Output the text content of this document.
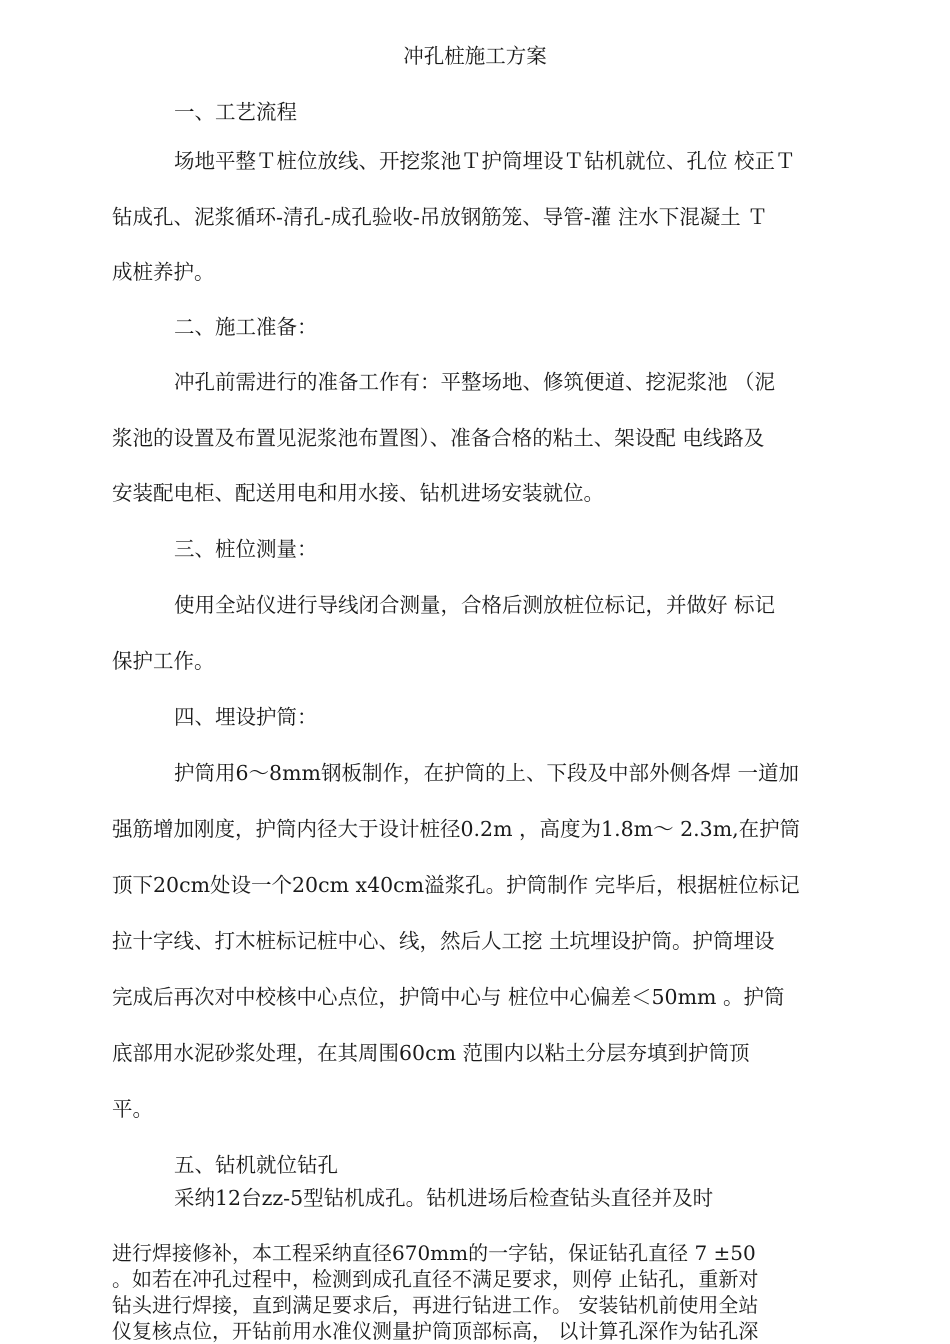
冲孔桩施工方案

一、工艺流程

场地平整Ｔ桩位放线、开挖浆池Ｔ护筒埋设Ｔ钻机就位、孔位 校正Ｔ

钻成孔、泥浆循环-清孔-成孔验收-吊放钢筋笼、导管-灌 注水下混凝土 Ｔ

成桩养护。

二、施工准备：

冲孔前需进行的准备工作有：平整场地、修筑便道、挖泥浆池 （泥

浆池的设置及布置见泥浆池布置图）、准备合格的粘土、架设配 电线路及

安装配电柜、配送用电和用水接、钻机进场安装就位。

三、桩位测量：

使用全站仪进行导线闭合测量，合格后测放桩位标记，并做好 标记

保护工作。

四、埋设护筒：

护筒用6〜8mm钢板制作，在护筒的上、下段及中部外侧各焊 一道加

强筋增加刚度，护筒内径大于设计桩径0.2m ，高度为1.8m〜 2.3m,在护筒

顶下20cm处设一个20cm x40cm溢浆孔。护筒制作 完毕后，根据桩位标记

拉十字线、打木桩标记桩中心、线，然后人工挖 土坑埋设护筒。护筒埋设

完成后再次对中校核中心点位，护筒中心与 桩位中心偏差＜50mm 。护筒

底部用水泥砂浆处理，在其周围60cm 范围内以粘土分层夯填到护筒顶

平。

五、钻机就位钻孔

采纳12台zz-5型钻机成孔。钻机进场后检查钻头直径并及时

进行焊接修补，本工程采纳直径670mm的一字钻，保证钻孔直径 7 ±50

。如若在冲孔过程中，检测到成孔直径不满足要求，则停 止钻孔，重新对

钻头进行焊接，直到满足要求后，再进行钻进工作。 安装钻机前使用全站

仪复核点位，开钻前用水准仪测量护筒顶部标高， 以计算孔深作为钻孔深
